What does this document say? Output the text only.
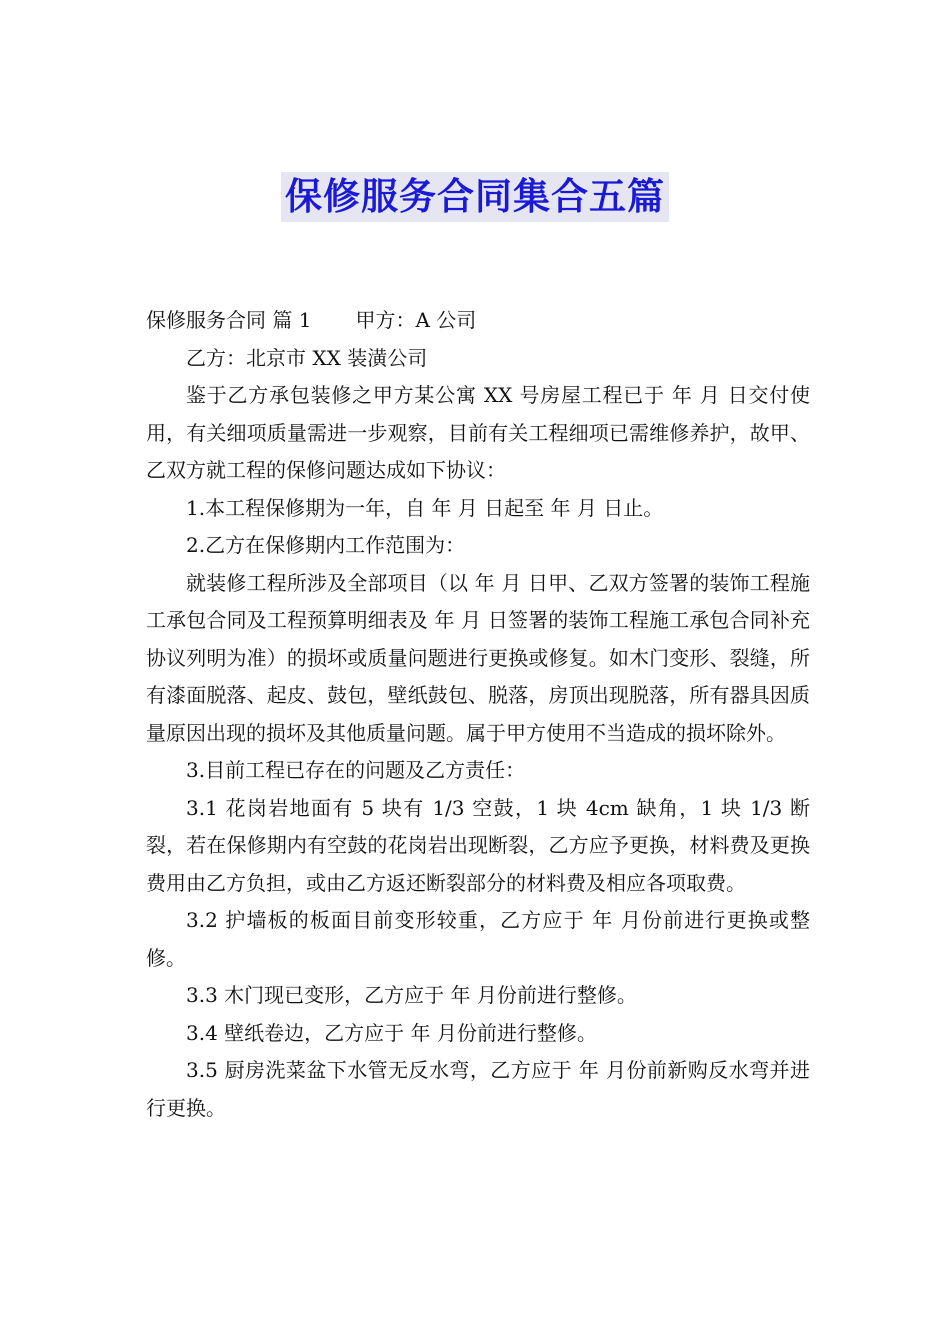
保修服务合同集合五篇

保修服务合同 篇 1 甲方：A 公司

乙方：北京市 XX 装潢公司

鉴于乙方承包装修之甲方某公寓 XX 号房屋工程已于 年 月 日交付使用，有关细项质量需进一步观察，目前有关工程细项已需维修养护，故甲、乙双方就工程的保修问题达成如下协议：

1.本工程保修期为一年，自 年 月 日起至 年 月 日止。

2.乙方在保修期内工作范围为：

就装修工程所涉及全部项目（以 年 月 日甲、乙双方签署的装饰工程施工承包合同及工程预算明细表及 年 月 日签署的装饰工程施工承包合同补充协议列明为准）的损坏或质量问题进行更换或修复。如木门变形、裂缝，所有漆面脱落、起皮、鼓包，壁纸鼓包、脱落，房顶出现脱落，所有器具因质量原因出现的损坏及其他质量问题。属于甲方使用不当造成的损坏除外。

3.目前工程已存在的问题及乙方责任：

3.1 花岗岩地面有 5 块有 1/3 空鼓，1 块 4cm 缺角，1 块 1/3 断裂，若在保修期内有空鼓的花岗岩出现断裂，乙方应予更换，材料费及更换费用由乙方负担，或由乙方返还断裂部分的材料费及相应各项取费。

3.2 护墙板的板面目前变形较重，乙方应于 年 月份前进行更换或整修。

3.3 木门现已变形，乙方应于 年 月份前进行整修。

3.4 壁纸卷边，乙方应于 年 月份前进行整修。

3.5 厨房洗菜盆下水管无反水弯，乙方应于 年 月份前新购反水弯并进行更换。
